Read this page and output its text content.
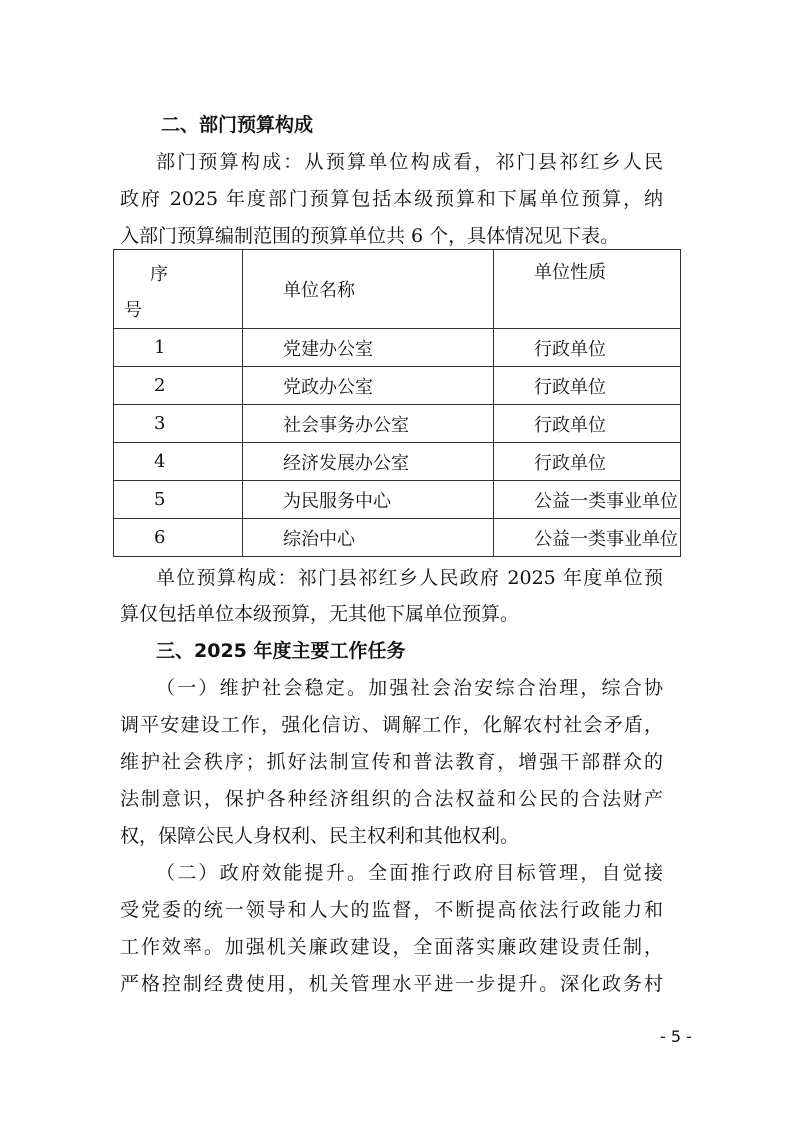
二、部门预算构成

部门预算构成：从预算单位构成看，祁门县祁红乡人民

政府 2025 年度部门预算包括本级预算和下属单位预算，纳

入部门预算编制范围的预算单位共 6 个，具体情况见下表。

序
号	单位名称	单位性质
1	党建办公室	行政单位
2	党政办公室	行政单位
3	社会事务办公室	行政单位
4	经济发展办公室	行政单位
5	为民服务中心	公益一类事业单位
6	综治中心	公益一类事业单位

单位预算构成：祁门县祁红乡人民政府 2025 年度单位预

算仅包括单位本级预算，无其他下属单位预算。

三、2025 年度主要工作任务

（一）维护社会稳定。加强社会治安综合治理，综合协

调平安建设工作，强化信访、调解工作，化解农村社会矛盾，

维护社会秩序；抓好法制宣传和普法教育，增强干部群众的

法制意识，保护各种经济组织的合法权益和公民的合法财产

权，保障公民人身权利、民主权利和其他权利。

（二）政府效能提升。全面推行政府目标管理，自觉接

受党委的统一领导和人大的监督，不断提高依法行政能力和

工作效率。加强机关廉政建设，全面落实廉政建设责任制，

严格控制经费使用，机关管理水平进一步提升。深化政务村

- 5 -
